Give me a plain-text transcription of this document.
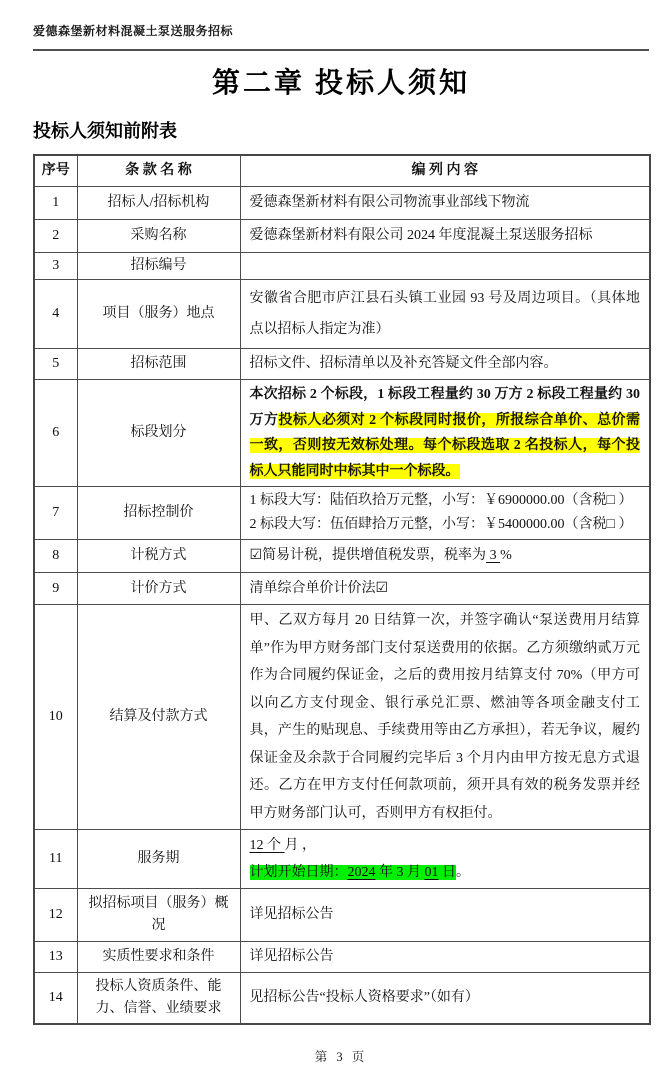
爱德森堡新材料混凝土泵送服务招标
第二章 投标人须知
投标人须知前附表
序号	条 款 名 称	编 列 内 容
1	招标人/招标机构	爱德森堡新材料有限公司物流事业部线下物流
2	采购名称	爱德森堡新材料有限公司 2024 年度混凝土泵送服务招标
3	招标编号	
4	项目（服务）地点	安徽省合肥市庐江县石头镇工业园 93 号及周边项目。（具体地点以招标人指定为准）
5	招标范围	招标文件、招标清单以及补充答疑文件全部内容。
6	标段划分	本次招标 2 个标段，1 标段工程量约 30 万方 2 标段工程量约 30 万方投标人必须对 2 个标段同时报价，所报综合单价、总价需一致，否则按无效标处理。每个标段选取 2 名投标人，每个投标人只能同时中标其中一个标段。
7	招标控制价	1 标段大写：陆佰玖拾万元整，小写：￥6900000.00（含税□ ）
2 标段大写：伍佰肆拾万元整，小写：￥5400000.00（含税□ ）

8	计税方式	☑简易计税，提供增值税发票，税率为 3 %
9	计价方式	清单综合单价计价法☑
10	结算及付款方式	甲、乙双方每月 20 日结算一次，并签字确认“泵送费用月结算单”作为甲方财务部门支付泵送费用的依据。乙方须缴纳贰万元作为合同履约保证金，之后的费用按月结算支付 70%（甲方可以向乙方支付现金、银行承兑汇票、燃油等各项金融支付工具，产生的贴现息、手续费用等由乙方承担），若无争议，履约保证金及余款于合同履约完毕后 3 个月内由甲方按无息方式退还。乙方在甲方支付任何款项前，须开具有效的税务发票并经甲方财务部门认可，否则甲方有权拒付。
11	服务期	12 个 月 ，
计划开始日期：2024 年 3 月 01 日。

12	拟招标项目（服务）概况	详见招标公告
13	实质性要求和条件	详见招标公告
14	投标人资质条件、能力、信誉、业绩要求	见招标公告“投标人资格要求”（如有）
第 3 页
